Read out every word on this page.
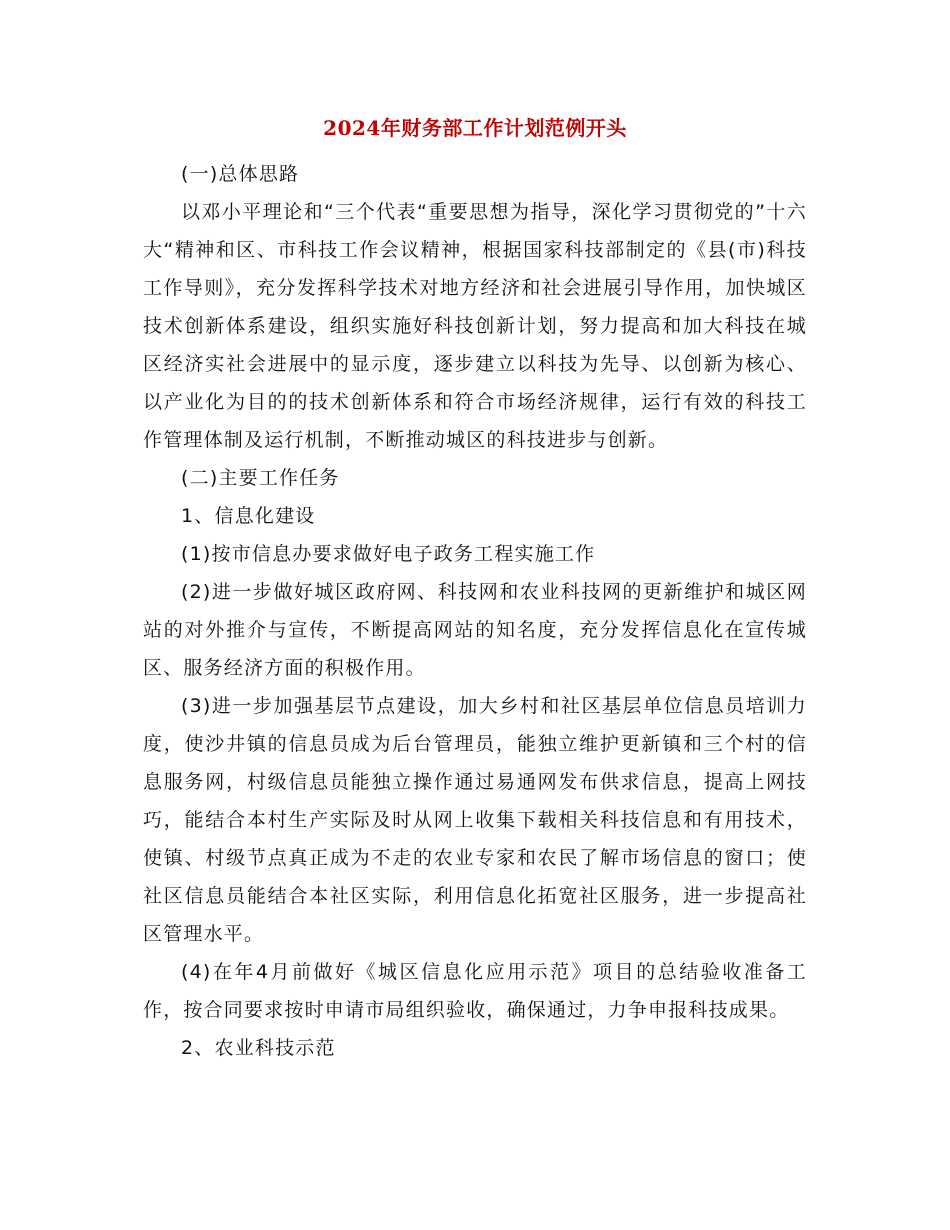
2024年财务部工作计划范例开头

(一)总体思路

以邓小平理论和“三个代表“重要思想为指导，深化学习贯彻党的”十六大“精神和区、市科技工作会议精神，根据国家科技部制定的《县(市)科技工作导则》，充分发挥科学技术对地方经济和社会进展引导作用，加快城区技术创新体系建设，组织实施好科技创新计划，努力提高和加大科技在城区经济实社会进展中的显示度，逐步建立以科技为先导、以创新为核心、以产业化为目的的技术创新体系和符合市场经济规律，运行有效的科技工作管理体制及运行机制，不断推动城区的科技进步与创新。

(二)主要工作任务

1、信息化建设

(1)按市信息办要求做好电子政务工程实施工作

(2)进一步做好城区政府网、科技网和农业科技网的更新维护和城区网站的对外推介与宣传，不断提高网站的知名度，充分发挥信息化在宣传城区、服务经济方面的积极作用。

(3)进一步加强基层节点建设，加大乡村和社区基层单位信息员培训力度，使沙井镇的信息员成为后台管理员，能独立维护更新镇和三个村的信息服务网，村级信息员能独立操作通过易通网发布供求信息，提高上网技巧，能结合本村生产实际及时从网上收集下载相关科技信息和有用技术，使镇、村级节点真正成为不走的农业专家和农民了解市场信息的窗口；使社区信息员能结合本社区实际，利用信息化拓宽社区服务，进一步提高社区管理水平。

(4)在年4月前做好《城区信息化应用示范》项目的总结验收准备工作，按合同要求按时申请市局组织验收，确保通过，力争申报科技成果。

2、农业科技示范
